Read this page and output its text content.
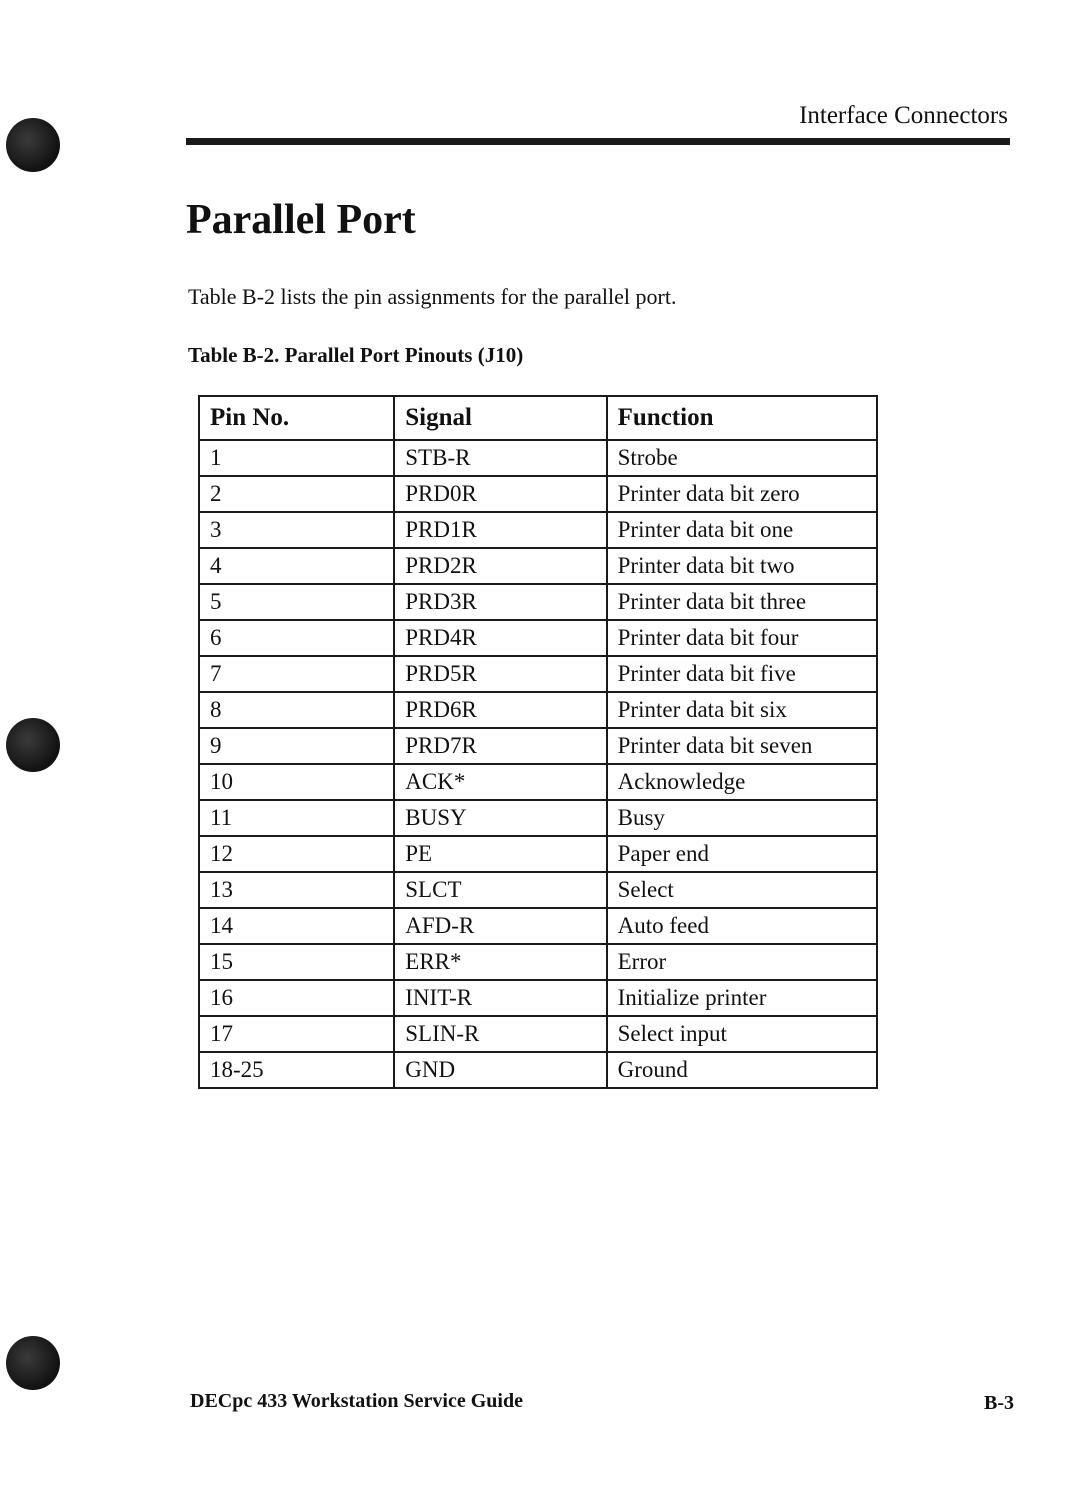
Interface Connectors
Parallel Port

Table B-2 lists the pin assignments for the parallel port.

Table B-2. Parallel Port Pinouts (J10)

Pin No.	Signal	Function
1	STB-R	Strobe
2	PRD0R	Printer data bit zero
3	PRD1R	Printer data bit one
4	PRD2R	Printer data bit two
5	PRD3R	Printer data bit three
6	PRD4R	Printer data bit four
7	PRD5R	Printer data bit five
8	PRD6R	Printer data bit six
9	PRD7R	Printer data bit seven
10	ACK*	Acknowledge
11	BUSY	Busy
12	PE	Paper end
13	SLCT	Select
14	AFD-R	Auto feed
15	ERR*	Error
16	INIT-R	Initialize printer
17	SLIN-R	Select input
18-25	GND	Ground
DECpc 433 Workstation Service Guide	B-3
